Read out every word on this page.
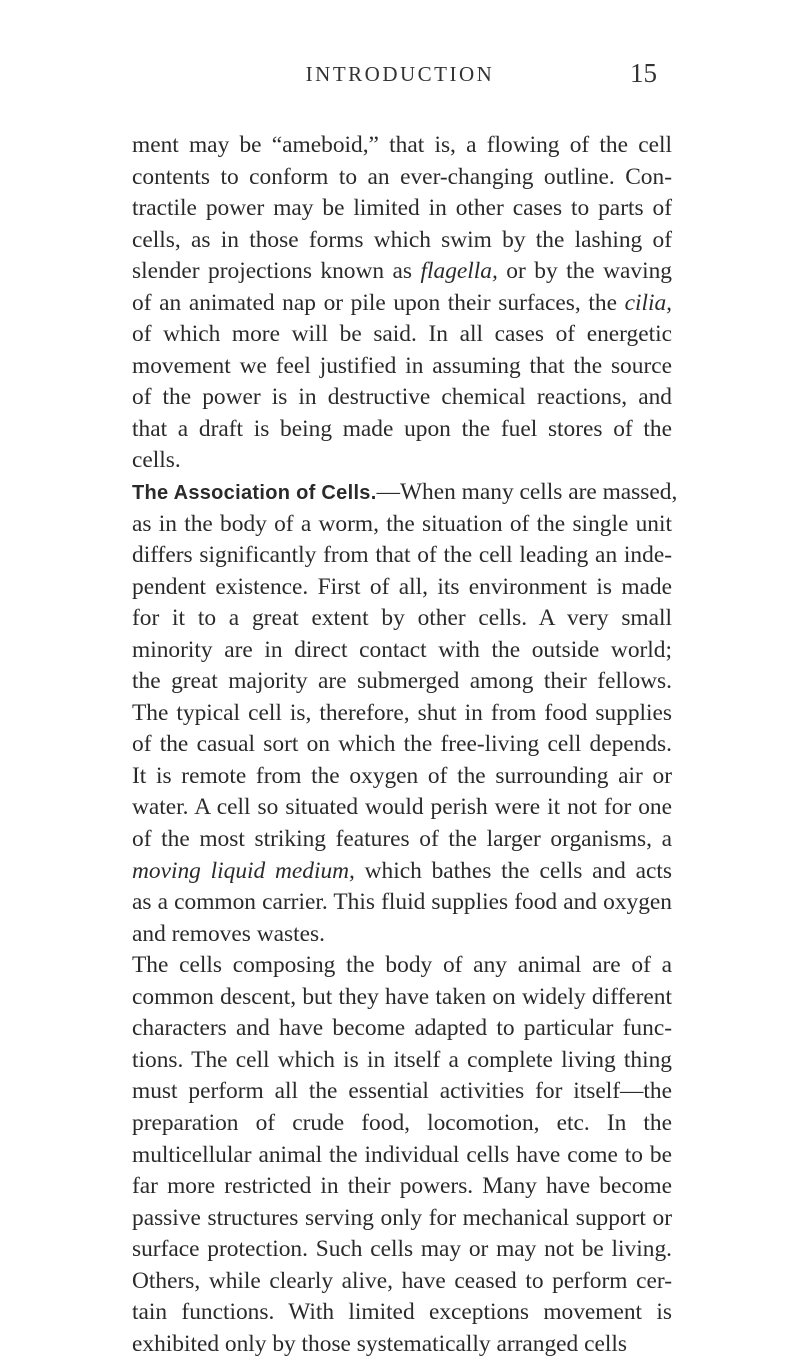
INTRODUCTION	15
ment may be “ameboid,” that is, a flowing of the cell
contents to conform to an ever-changing outline. Con-
tractile power may be limited in other cases to parts of
cells, as in those forms which swim by the lashing of
slender projections known as flagella, or by the waving
of an animated nap or pile upon their surfaces, the cilia,
of which more will be said. In all cases of energetic
movement we feel justified in assuming that the source
of the power is in destructive chemical reactions, and
that a draft is being made upon the fuel stores of the
cells.
The Association of Cells.—When many cells are massed,
as in the body of a worm, the situation of the single unit
differs significantly from that of the cell leading an inde-
pendent existence. First of all, its environment is made
for it to a great extent by other cells. A very small
minority are in direct contact with the outside world;
the great majority are submerged among their fellows.
The typical cell is, therefore, shut in from food supplies
of the casual sort on which the free-living cell depends.
It is remote from the oxygen of the surrounding air or
water. A cell so situated would perish were it not for one
of the most striking features of the larger organisms, a
moving liquid medium, which bathes the cells and acts
as a common carrier. This fluid supplies food and oxygen
and removes wastes.
The cells composing the body of any animal are of a
common descent, but they have taken on widely different
characters and have become adapted to particular func-
tions. The cell which is in itself a complete living thing
must perform all the essential activities for itself—the
preparation of crude food, locomotion, etc. In the
multicellular animal the individual cells have come to be
far more restricted in their powers. Many have become
passive structures serving only for mechanical support or
surface protection. Such cells may or may not be living.
Others, while clearly alive, have ceased to perform cer-
tain functions. With limited exceptions movement is
exhibited only by those systematically arranged cells
